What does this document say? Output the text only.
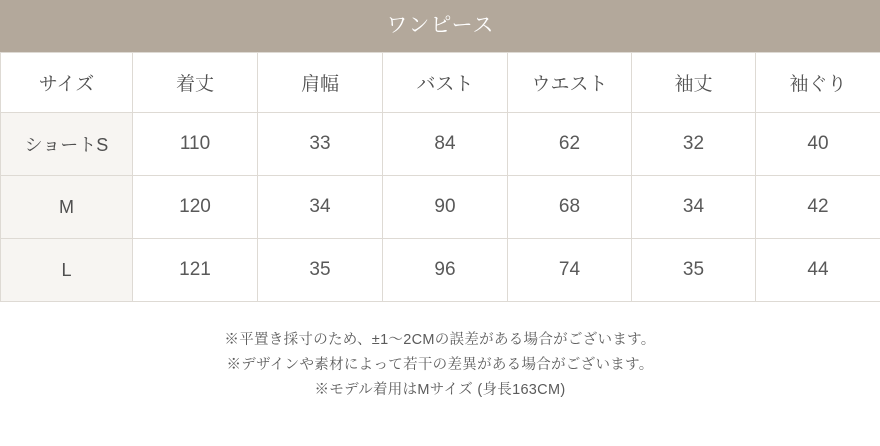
ワンピース
サイズ	着丈	肩幅	バスト	ウエスト	袖丈	袖ぐり
ショートS	110	33	84	62	32	40
M	120	34	90	68	34	42
L	121	35	96	74	35	44
※平置き採寸のため、±1〜2CMの誤差がある場合がございます。
※デザインや素材によって若干の差異がある場合がございます。
※モデル着用はMサイズ (身長163CM)
